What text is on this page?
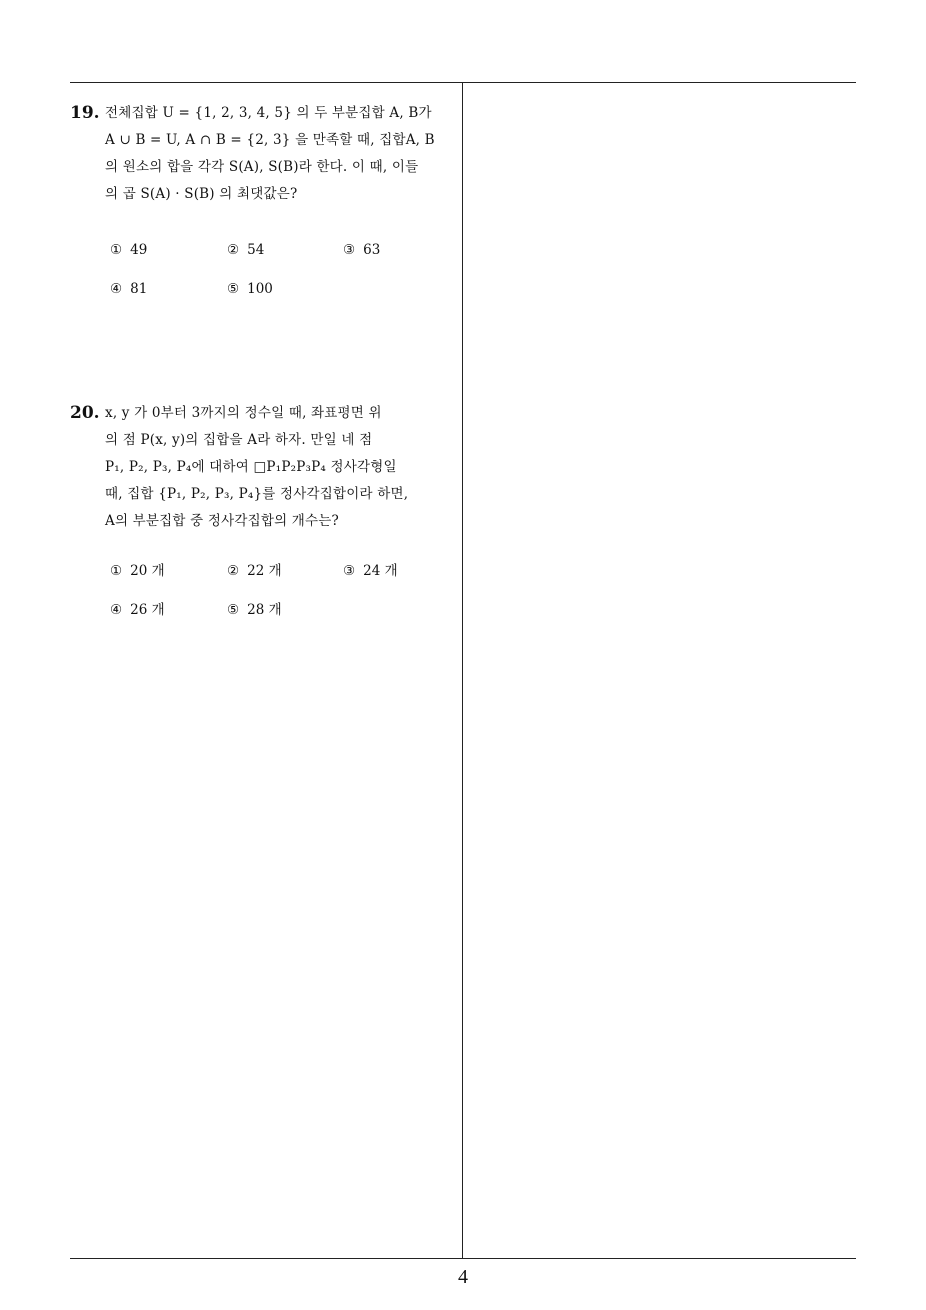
19. 전체집합 U = {1, 2, 3, 4, 5} 의 두 부분집합 A, B가
A ∪ B = U, A ∩ B = {2, 3} 을 만족할 때, 집합A, B
의 원소의 합을 각각 S(A), S(B)라 한다. 이 때, 이들
의 곱 S(A) · S(B) 의 최댓값은?
① 49	② 54	③ 63
④ 81	⑤ 100
20. x, y 가 0부터 3까지의 정수일 때, 좌표평면 위
의 점 P(x, y)의 집합을 A라 하자. 만일 네 점
P₁, P₂, P₃, P₄에 대하여 □P₁P₂P₃P₄ 정사각형일
때, 집합 {P₁, P₂, P₃, P₄}를 정사각집합이라 하면,
A의 부분집합 중 정사각집합의 개수는?
① 20 개	② 22 개	③ 24 개
④ 26 개	⑤ 28 개
4
